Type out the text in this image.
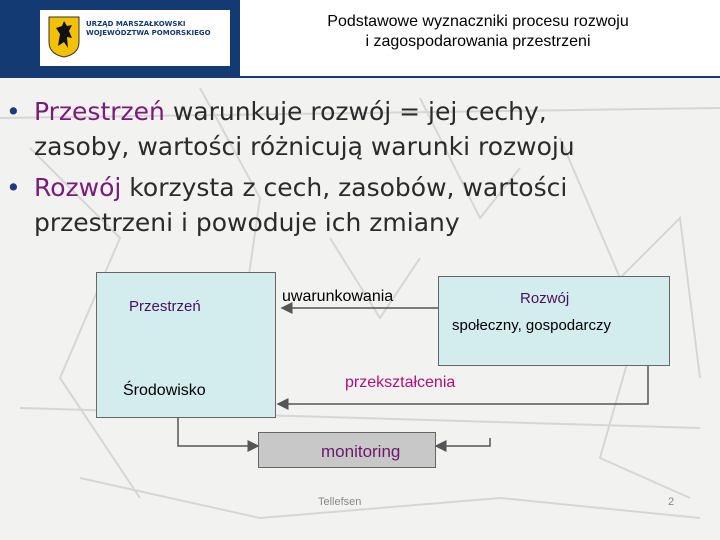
URZĄD MARSZAŁKOWSKI
WOJEWÓDZTWA POMORSKIEGO
Podstawowe wyznaczniki procesu rozwoju
i zagospodarowania przestrzeni
• Przestrzeń warunkuje rozwój = jej cechy,
zasoby, wartości różnicują warunki rozwoju
• Rozwój korzysta z cech, zasobów, wartości
przestrzeni i powoduje ich zmiany
Przestrzeń
Środowisko
uwarunkowania	Rozwój
społeczny, gospodarczy
przekształcenia
monitoring
Tellefsen	2
